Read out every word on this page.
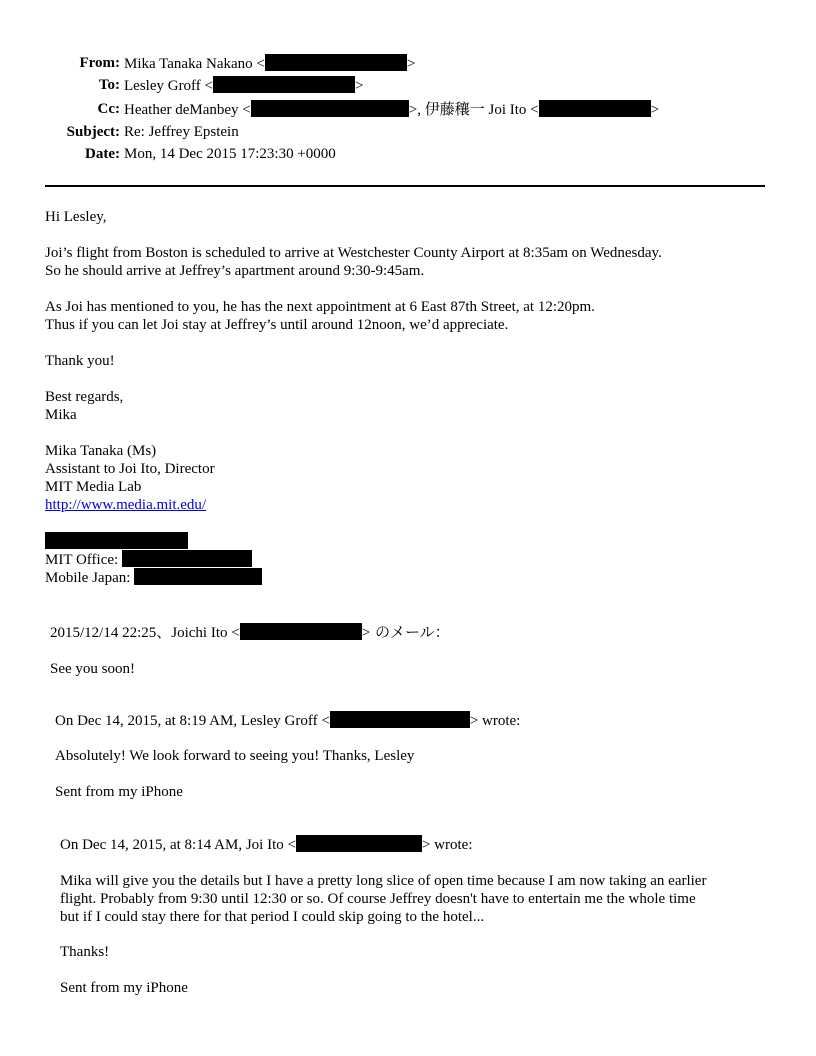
From: Mika Tanaka Nakano <	>
To: Lesley Groff <	>
Cc: Heather deManbey <	>, 伊藤穰一 Joi Ito <	>
Subject: Re: Jeffrey Epstein
Date: Mon, 14 Dec 2015 17:23:30 +0000
Hi Lesley,
Joi’s flight from Boston is scheduled to arrive at Westchester County Airport at 8:35am on Wednesday.
So he should arrive at Jeffrey’s apartment around 9:30-9:45am.
As Joi has mentioned to you, he has the next appointment at 6 East 87th Street, at 12:20pm.
Thus if you can let Joi stay at Jeffrey’s until around 12noon, we’d appreciate.
Thank you!
Best regards,
Mika
Mika Tanaka (Ms)
Assistant to Joi Ito, Director
MIT Media Lab
http://www.media.mit.edu/
MIT Office:
Mobile Japan:
2015/12/14 22:25、Joichi Ito <	> のメール：
See you soon!
On Dec 14, 2015, at 8:19 AM, Lesley Groff <	> wrote:
Absolutely! We look forward to seeing you! Thanks, Lesley
Sent from my iPhone
On Dec 14, 2015, at 8:14 AM, Joi Ito <	> wrote:
Mika will give you the details but I have a pretty long slice of open time because I am now taking an earlier
flight. Probably from 9:30 until 12:30 or so. Of course Jeffrey doesn't have to entertain me the whole time
but if I could stay there for that period I could skip going to the hotel...
Thanks!
Sent from my iPhone
